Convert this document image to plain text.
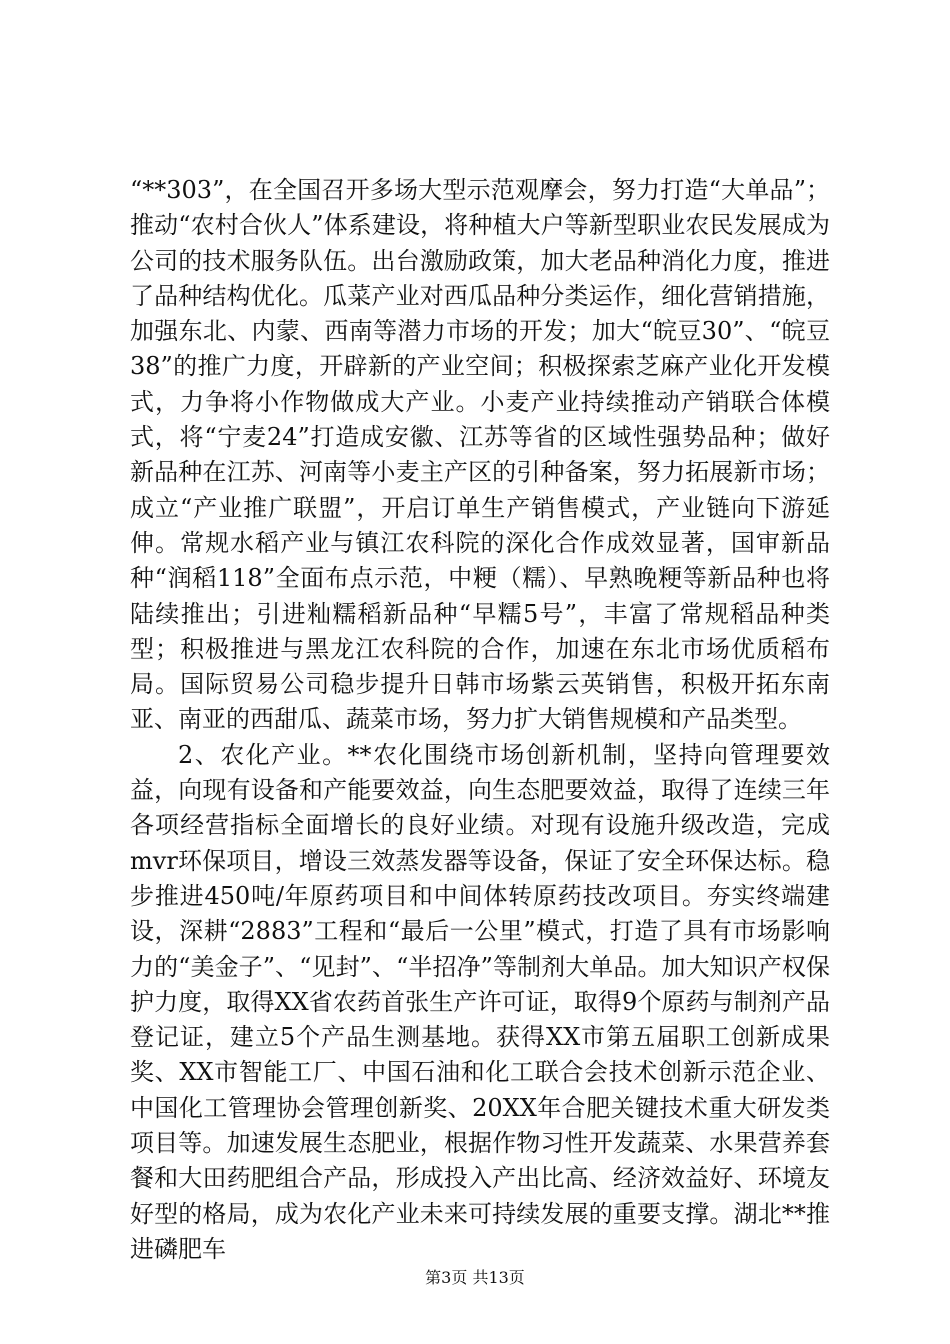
“**303”，在全国召开多场大型示范观摩会，努力打造“大单品”；推动“农村合伙人”体系建设，将种植大户等新型职业农民发展成为公司的技术服务队伍。出台激励政策，加大老品种消化力度，推进了品种结构优化。瓜菜产业对西瓜品种分类运作，细化营销措施，加强东北、内蒙、西南等潜力市场的开发；加大“皖豆30”、“皖豆38”的推广力度，开辟新的产业空间；积极探索芝麻产业化开发模式，力争将小作物做成大产业。小麦产业持续推动产销联合体模式，将“宁麦24”打造成安徽、江苏等省的区域性强势品种；做好新品种在江苏、河南等小麦主产区的引种备案，努力拓展新市场；成立“产业推广联盟”，开启订单生产销售模式，产业链向下游延伸。常规水稻产业与镇江农科院的深化合作成效显著，国审新品种“润稻118”全面布点示范，中粳（糯）、早熟晚粳等新品种也将陆续推出；引进籼糯稻新品种“早糯5号”，丰富了常规稻品种类型；积极推进与黑龙江农科院的合作，加速在东北市场优质稻布局。国际贸易公司稳步提升日韩市场紫云英销售，积极开拓东南亚、南亚的西甜瓜、蔬菜市场，努力扩大销售规模和产品类型。

2、农化产业。**农化围绕市场创新机制，坚持向管理要效益，向现有设备和产能要效益，向生态肥要效益，取得了连续三年各项经营指标全面增长的良好业绩。对现有设施升级改造，完成mvr环保项目，增设三效蒸发器等设备，保证了安全环保达标。稳步推进450吨/年原药项目和中间体转原药技改项目。夯实终端建设，深耕“2883”工程和“最后一公里”模式，打造了具有市场影响力的“美金子”、“见封”、“半招净”等制剂大单品。加大知识产权保护力度，取得XX省农药首张生产许可证，取得9个原药与制剂产品登记证，建立5个产品生测基地。获得XX市第五届职工创新成果奖、XX市智能工厂、中国石油和化工联合会技术创新示范企业、中国化工管理协会管理创新奖、20XX年合肥关键技术重大研发类项目等。加速发展生态肥业，根据作物习性开发蔬菜、水果营养套餐和大田药肥组合产品，形成投入产出比高、经济效益好、环境友好型的格局，成为农化产业未来可持续发展的重要支撑。湖北**推进磷肥车

第3页 共13页
